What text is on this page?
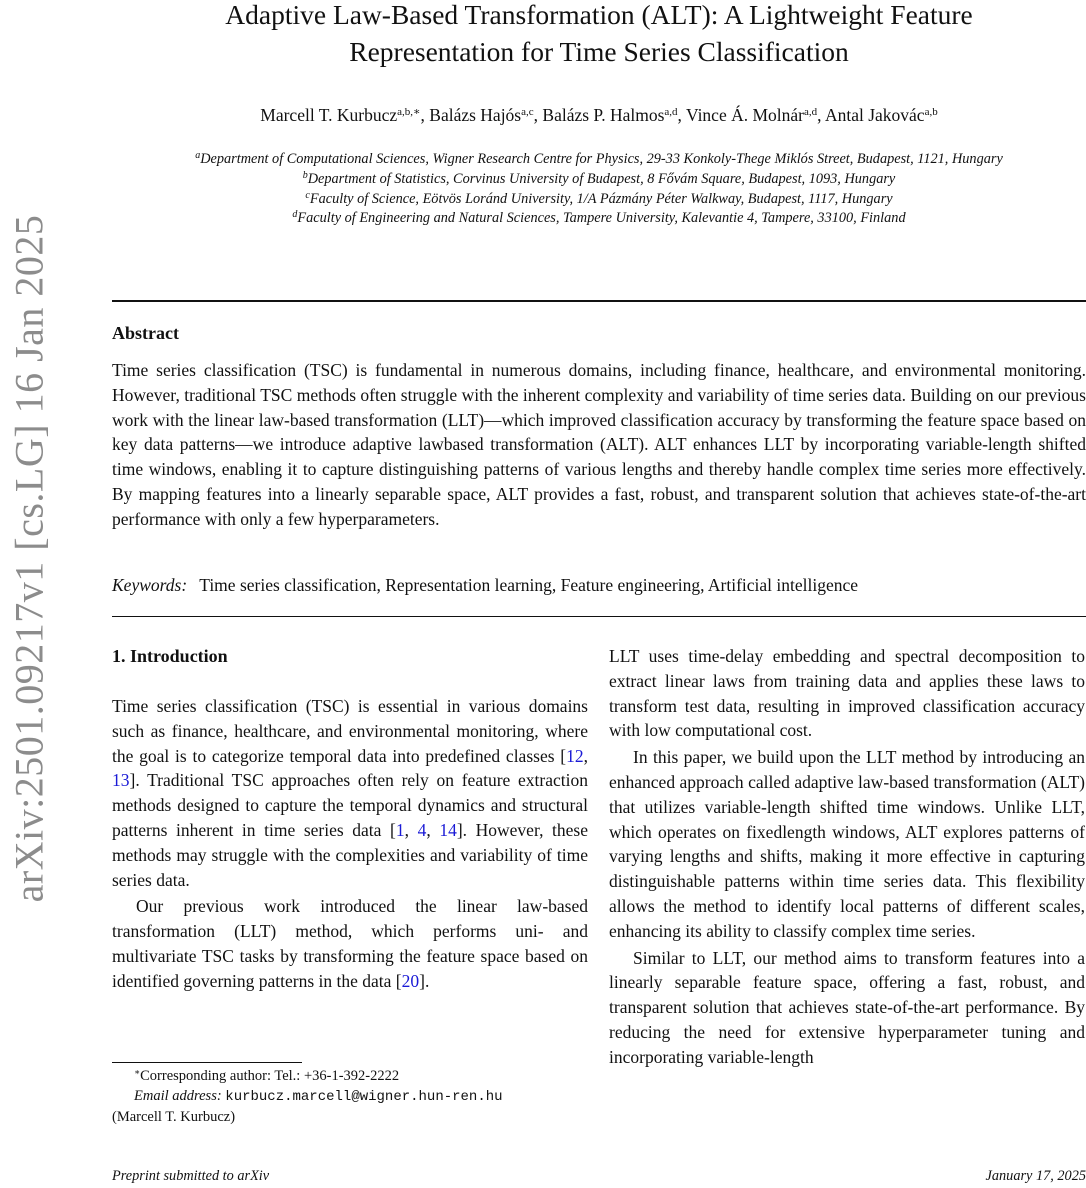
arXiv:2501.09217v1 [cs.LG] 16 Jan 2025
Adaptive Law-Based Transformation (ALT): A Lightweight Feature
Representation for Time Series Classification
Marcell T. Kurbucz$^{a,b,∗}$, Balázs Hajós$^{a,c}$, Balázs P. Halmos$^{a,d}$, Vince Á. Molnár$^{a,d}$, Antal Jakovác$^{a,b}$
$^a$Department of Computational Sciences, Wigner Research Centre for Physics, 29-33 Konkoly-Thege Miklós Street, Budapest, 1121, Hungary
$^b$Department of Statistics, Corvinus University of Budapest, 8 Fővám Square, Budapest, 1093, Hungary
$^c$Faculty of Science, Eötvös Loránd University, 1/A Pázmány Péter Walkway, Budapest, 1117, Hungary
$^d$Faculty of Engineering and Natural Sciences, Tampere University, Kalevantie 4, Tampere, 33100, Finland
Abstract

Time series classification (TSC) is fundamental in numerous domains, including finance, healthcare, and environmental monitoring. However, traditional TSC methods often struggle with the inherent complexity and variability of time series data. Building on our previous work with the linear law-based transformation (LLT)—which improved classification accuracy by transforming the feature space based on key data patterns—we introduce adaptive lawbased transformation (ALT). ALT enhances LLT by incorporating variable-length shifted time windows, enabling it to capture distinguishing patterns of various lengths and thereby handle complex time series more effectively. By mapping features into a linearly separable space, ALT provides a fast, robust, and transparent solution that achieves state-of-the-art performance with only a few hyperparameters.

Keywords: Time series classification, Representation learning, Feature engineering, Artificial intelligence
1. Introduction

Time series classification (TSC) is essential in various domains such as finance, healthcare, and environmental monitoring, where the goal is to categorize temporal data into predefined classes [12, 13]. Traditional TSC approaches often rely on feature extraction methods designed to capture the temporal dynamics and structural patterns inherent in time series data [1, 4, 14]. However, these methods may struggle with the complexities and variability of time series data.

Our previous work introduced the linear law-based transformation (LLT) method, which performs uni- and multivariate TSC tasks by transforming the feature space based on identified governing patterns in the data [20].

LLT uses time-delay embedding and spectral decomposition to extract linear laws from training data and applies these laws to transform test data, resulting in improved classification accuracy with low computational cost.

In this paper, we build upon the LLT method by introducing an enhanced approach called adaptive law-based transformation (ALT) that utilizes variable-length shifted time windows. Unlike LLT, which operates on fixedlength windows, ALT explores patterns of varying lengths and shifts, making it more effective in capturing distinguishable patterns within time series data. This flexibility allows the method to identify local patterns of different scales, enhancing its ability to classify complex time series.

Similar to LLT, our method aims to transform features into a linearly separable feature space, offering a fast, robust, and transparent solution that achieves state-of-the-art performance. By reducing the need for extensive hyperparameter tuning and incorporating variable-length

∗Corresponding author: Tel.: +36-1-392-2222
Email address: kurbucz.marcell@wigner.hun-ren.hu
(Marcell T. Kurbucz)
Preprint submitted to arXiv	January 17, 2025
